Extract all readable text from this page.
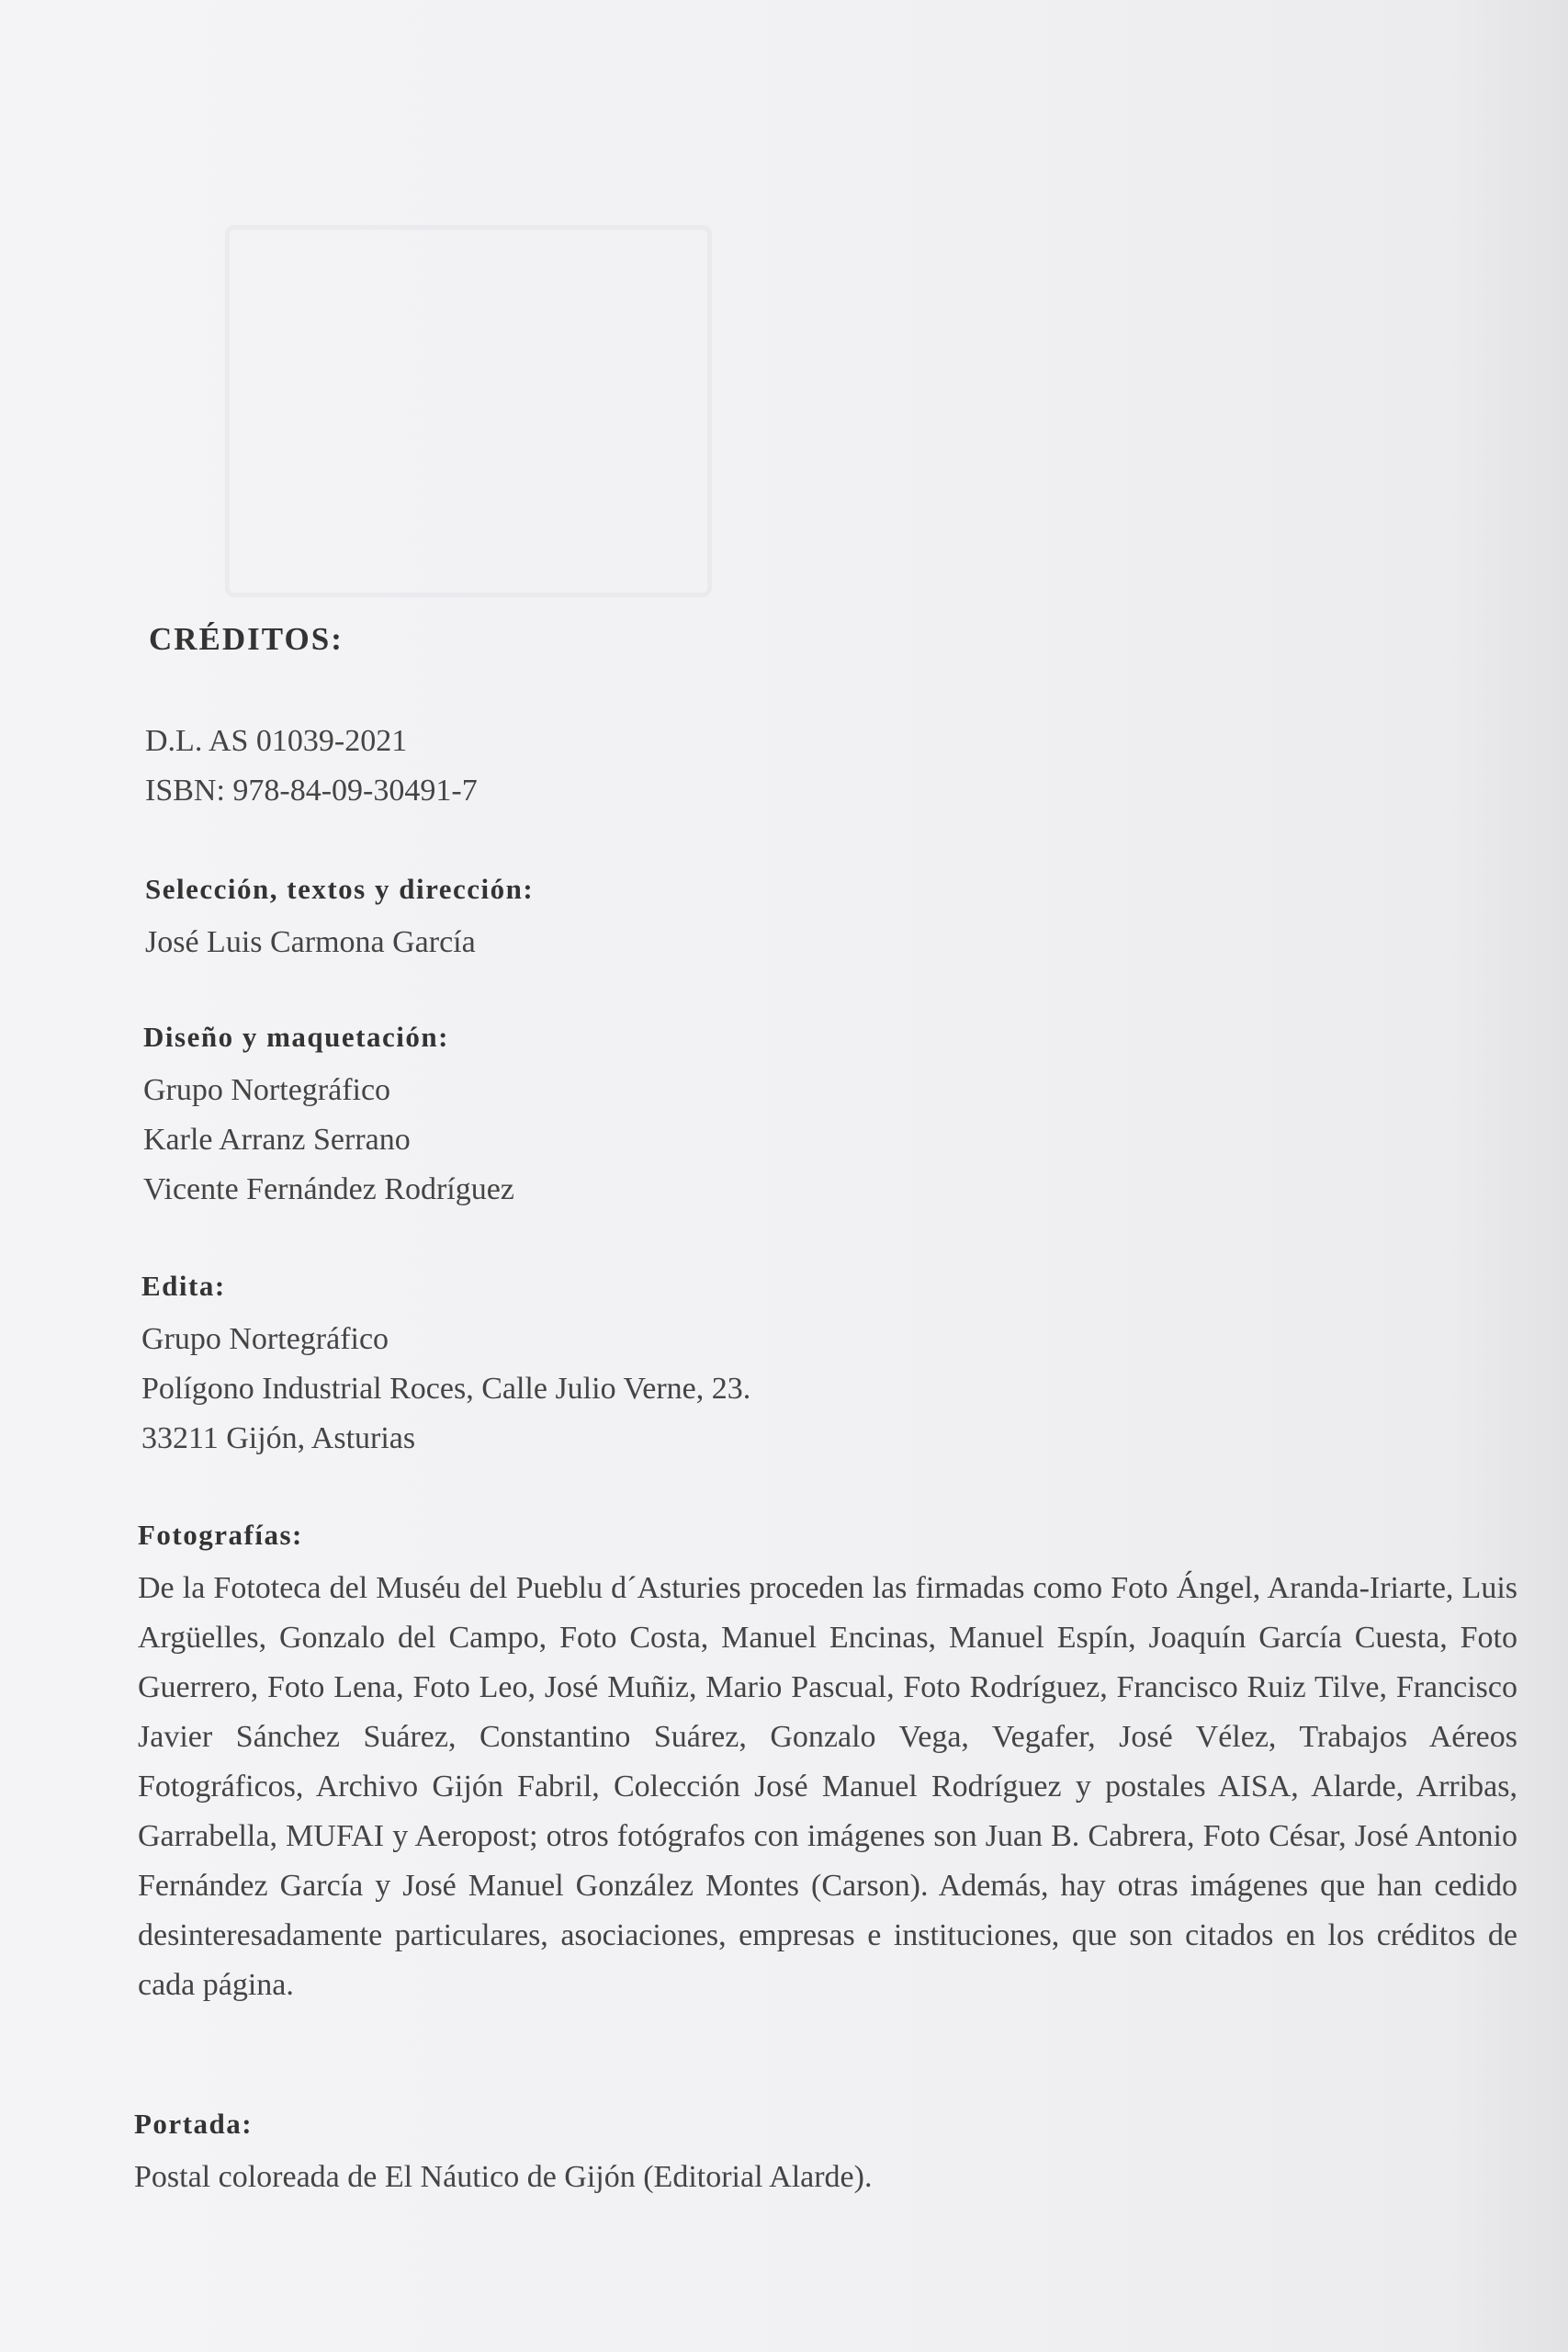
CRÉDITOS:

D.L. AS 01039-2021

ISBN: 978-84-09-30491-7

Selección, textos y dirección:

José Luis Carmona García

Diseño y maquetación:

Grupo Nortegráfico

Karle Arranz Serrano

Vicente Fernández Rodríguez

Edita:

Grupo Nortegráfico

Polígono Industrial Roces, Calle Julio Verne, 23.

33211 Gijón, Asturias

Fotografías:

De la Fototeca del Muséu del Pueblu d´Asturies proceden las firmadas como Foto Ángel, Aranda-Iriarte, Luis Argüelles, Gonzalo del Campo, Foto Costa, Manuel Encinas, Manuel Espín, Joaquín García Cuesta, Foto Guerrero, Foto Lena, Foto Leo, José Muñiz, Mario Pascual, Foto Rodríguez, Francisco Ruiz Tilve, Francisco Javier Sánchez Suárez, Constantino Suárez, Gonzalo Vega, Vegafer, José Vélez, Trabajos Aéreos Fotográficos, Archivo Gijón Fabril, Colección José Manuel Rodríguez y postales AISA, Alarde, Arribas, Garrabella, MUFAI y Aeropost; otros fotógrafos con imágenes son Juan B. Cabrera, Foto César, José Antonio Fernández García y José Manuel González Montes (Carson). Además, hay otras imágenes que han cedido desinteresadamente particulares, asociaciones, empresas e instituciones, que son citados en los créditos de cada página.

Portada:

Postal coloreada de El Náutico de Gijón (Editorial Alarde).
